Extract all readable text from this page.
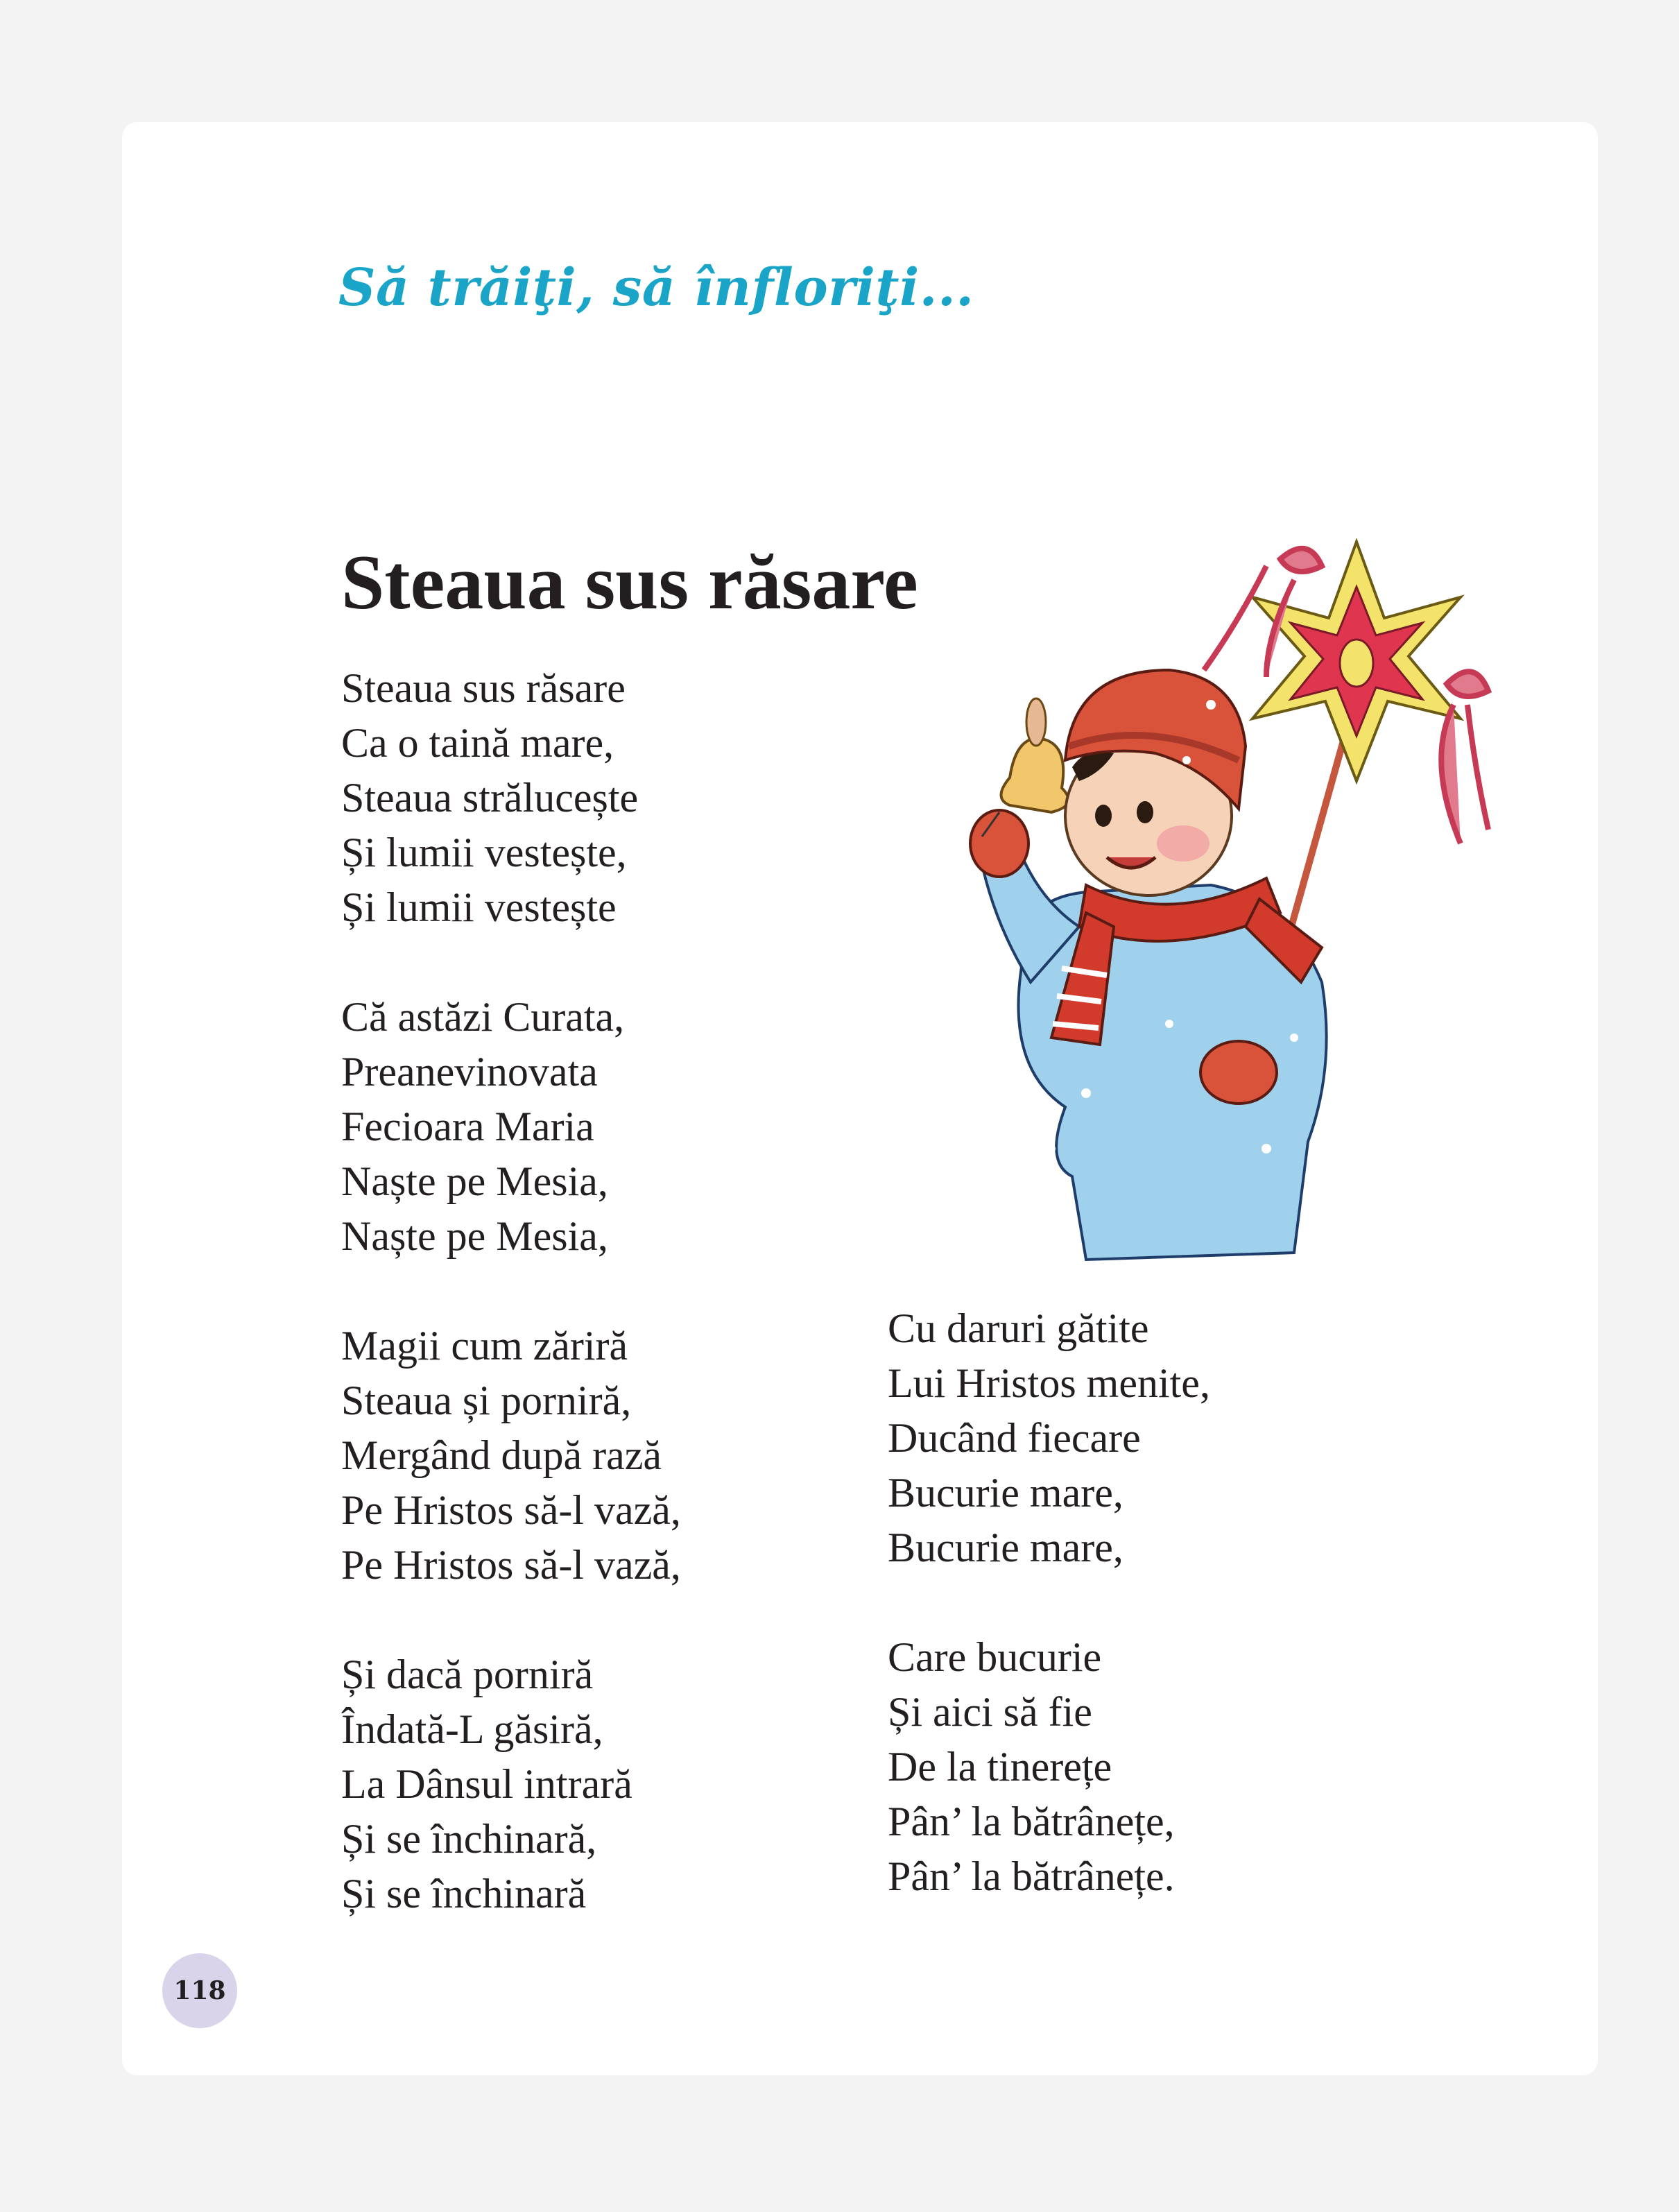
Să trăiţi, să înfloriţi...
Steaua sus răsare
Steaua sus răsare
Ca o taină mare,
Steaua strălucește
Și lumii vestește,
Și lumii vestește
Că astăzi Curata,
Preanevinovata
Fecioara Maria
Naște pe Mesia,
Naște pe Mesia,
Magii cum zăriră
Steaua și porniră,
Mergând după rază
Pe Hristos să-l vază,
Pe Hristos să-l vază,
Și dacă porniră
Îndată-L găsiră,
La Dânsul intrară
Și se închinară,
Și se închinară
Cu daruri gătite
Lui Hristos menite,
Ducând fiecare
Bucurie mare,
Bucurie mare,
Care bucurie
Și aici să fie
De la tinerețe
Pân’ la bătrânețe,
Pân’ la bătrânețe.
118
